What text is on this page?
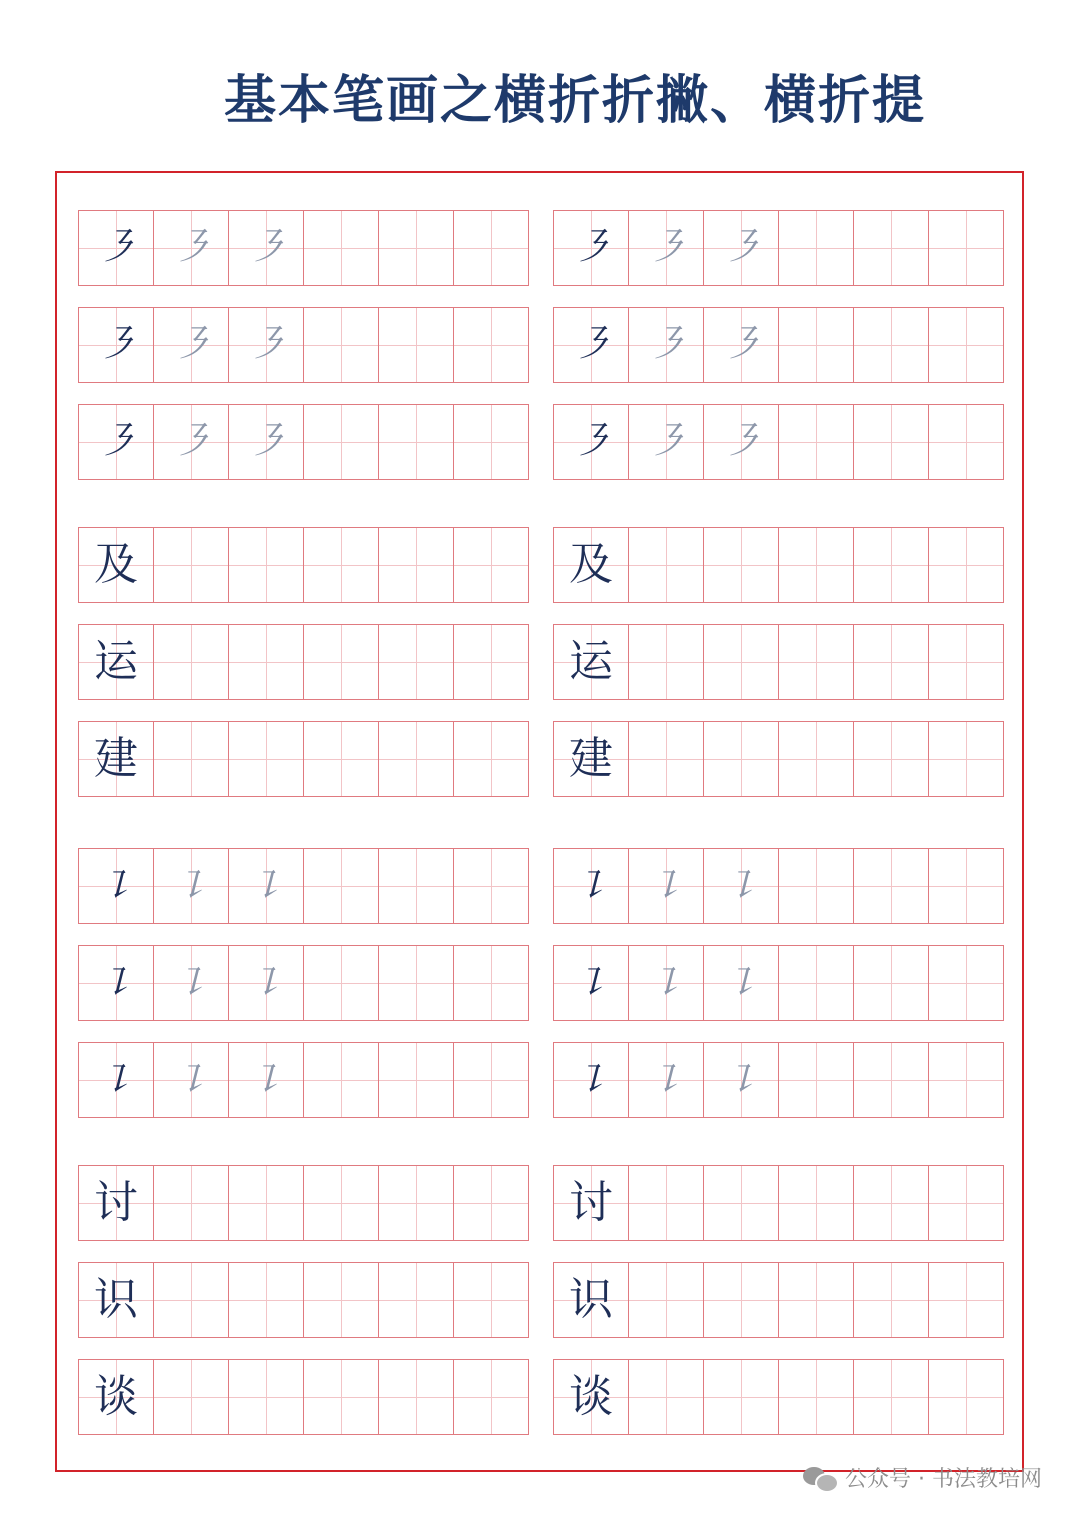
基本笔画之横折折撇、横折提
㇋ ㇋ ㇋	㇋ ㇋ ㇋
㇋ ㇋ ㇋	㇋ ㇋ ㇋
㇋ ㇋ ㇋	㇋ ㇋ ㇋
及	及
运	运
建	建
㇊ ㇊ ㇊	㇊ ㇊ ㇊
㇊ ㇊ ㇊	㇊ ㇊ ㇊
㇊ ㇊ ㇊	㇊ ㇊ ㇊
讨	讨
识	识
谈	谈
公众号 · 书法教培网
